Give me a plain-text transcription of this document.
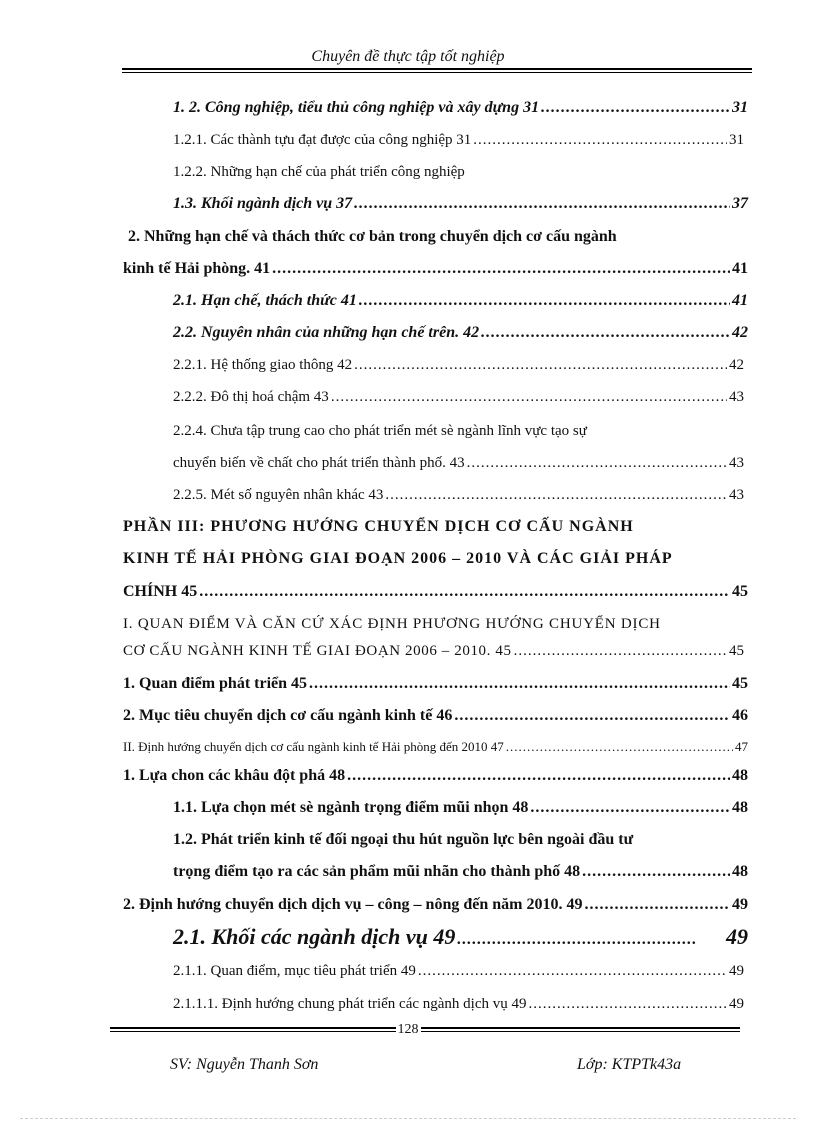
Chuyên đề thực tập tốt nghiệp
1. 2. Công nghiệp, tiểu thủ công nghiệp và xây dựng 31 .....	31
1.2.1. Các thành tựu đạt được của công nghiệp 31 .....	31
1.2.2. Những hạn chế của phát triển công nghiệp
1.3. Khối ngành dịch vụ 37 .....	37
2. Những hạn chế và thách thức cơ bản trong chuyển dịch cơ cấu ngành
kinh tế Hải phòng. 41 .....	41
2.1. Hạn chế, thách thức 41 .....	41
2.2. Nguyên nhân của những hạn chế trên. 42 .....	42
2.2.1. Hệ thống giao thông 42 .....	42
2.2.2. Đô thị hoá chậm 43 .....	43
2.2.4. Chưa tập trung cao cho phát triển mét sè ngành lĩnh vực tạo sự
chuyển biến về chất cho phát triển thành phố. 43 .....	43
2.2.5. Mét số nguyên nhân khác 43 .....	43
PHẦN III: PHƯƠNG HƯỚNG CHUYỂN DỊCH CƠ CẤU NGÀNH
KINH TẾ HẢI PHÒNG GIAI ĐOẠN 2006 – 2010 VÀ CÁC GIẢI PHÁP
CHÍNH 45 .....	45
I. QUAN ĐIỂM VÀ CĂN CỨ XÁC ĐỊNH PHƯƠNG HƯỚNG CHUYỂN DỊCH
CƠ CẤU NGÀNH KINH TẾ GIAI ĐOẠN 2006 – 2010. 45 .....	45
1. Quan điểm phát triển 45 .....	45
2. Mục tiêu chuyển dịch cơ cấu ngành kinh tế 46 .....	46
II. Định hướng chuyển dịch cơ cấu ngành kinh tế Hải phòng đến 2010 47 .....	47
1. Lựa chon các khâu đột phá 48 .....	48
1.1. Lựa chọn mét sè ngành trọng điểm mũi nhọn 48 .....	48
1.2. Phát triển kinh tế đối ngoại thu hút nguồn lực bên ngoài đầu tư
trọng điểm tạo ra các sản phẩm mũi nhãn cho thành phố 48 .....	48
2. Định hướng chuyển dịch dịch vụ – công – nông đến năm 2010. 49 .....	49
2.1. Khối các ngành dịch vụ 49 .....	49
2.1.1. Quan điểm, mục tiêu phát triển 49 .....	49
2.1.1.1. Định hướng chung phát triển các ngành dịch vụ 49 .....	49
128
SV: Nguyễn Thanh Sơn	Lớp: KTPTk43a
